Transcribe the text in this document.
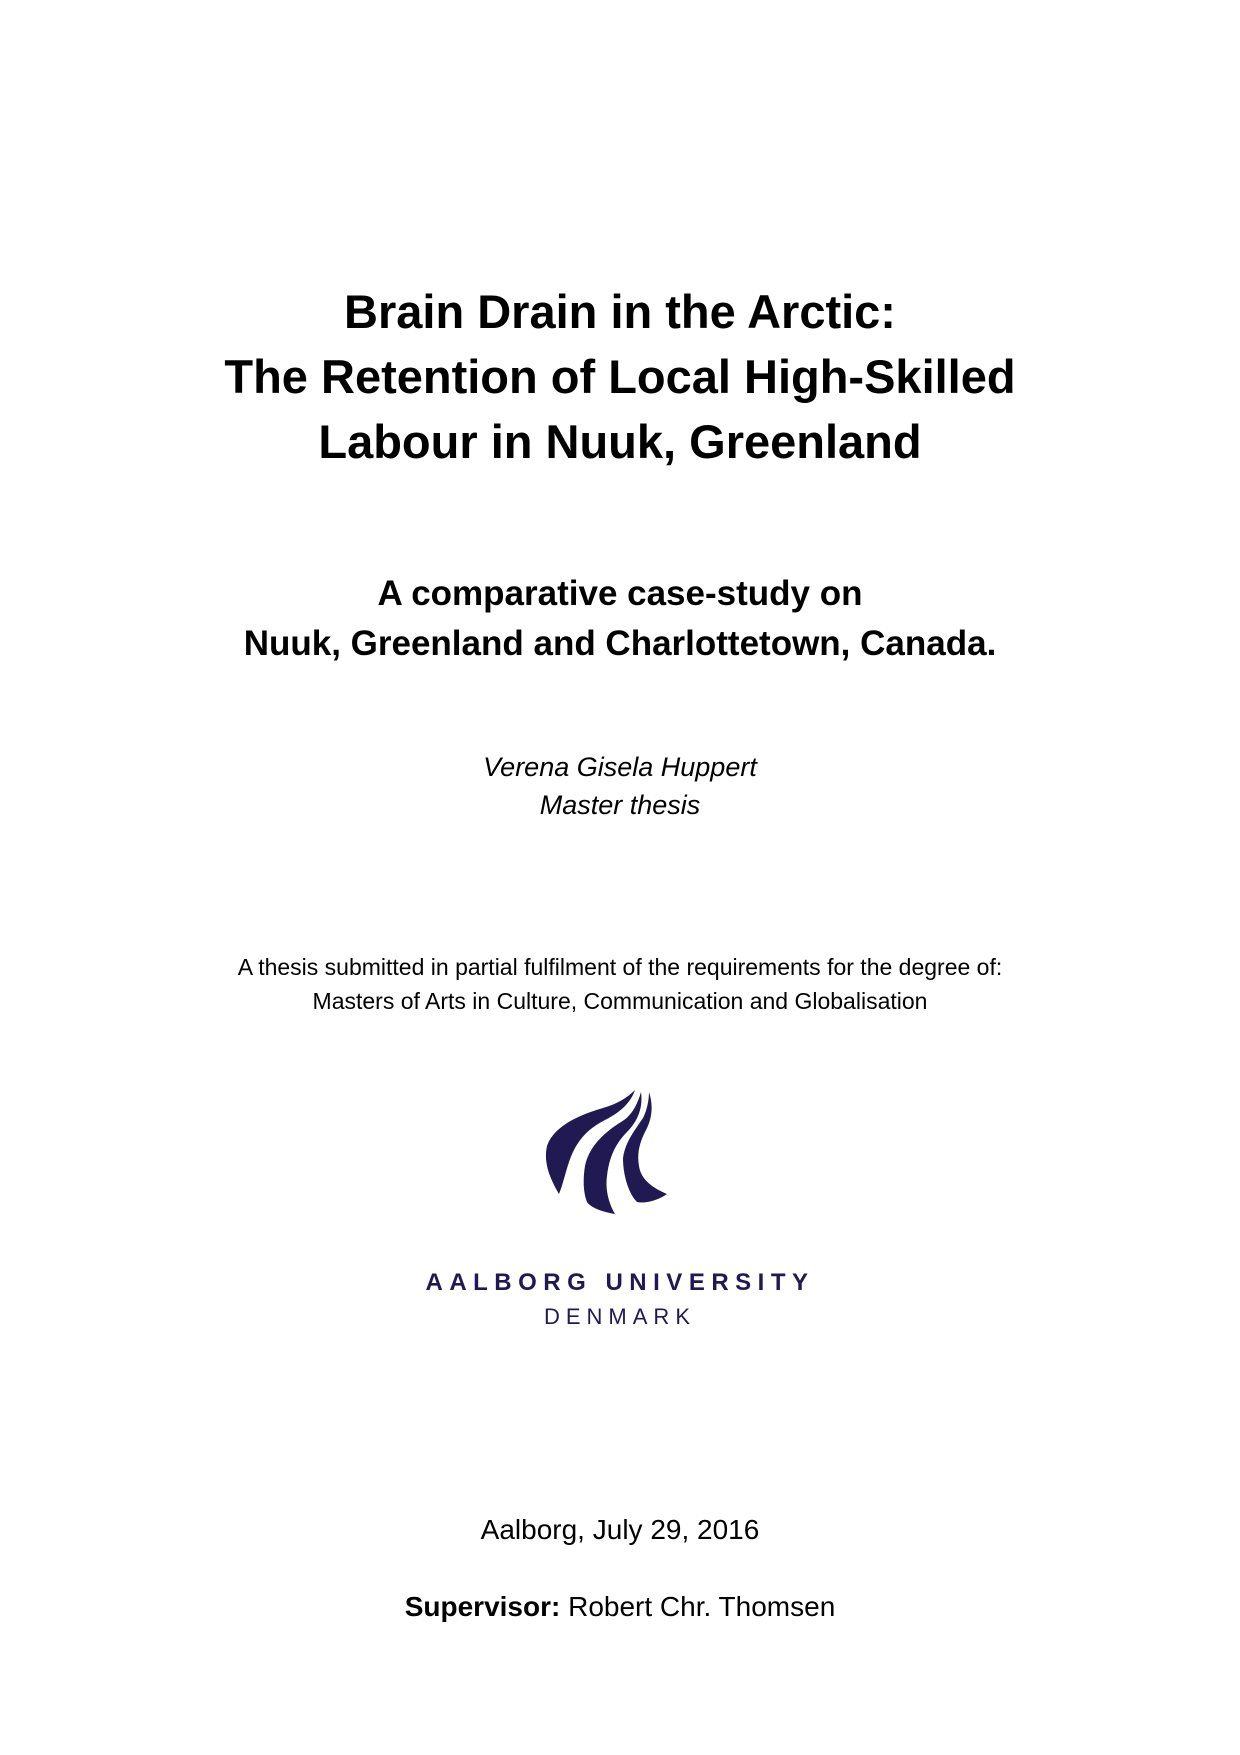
Brain Drain in the Arctic:
The Retention of Local High-Skilled
Labour in Nuuk, Greenland
A comparative case-study on
Nuuk, Greenland and Charlottetown, Canada.
Verena Gisela Huppert
Master thesis
A thesis submitted in partial fulfilment of the requirements for the degree of:
Masters of Arts in Culture, Communication and Globalisation
AALBORG UNIVERSITY
DENMARK
Aalborg, July 29, 2016
Supervisor: Robert Chr. Thomsen
